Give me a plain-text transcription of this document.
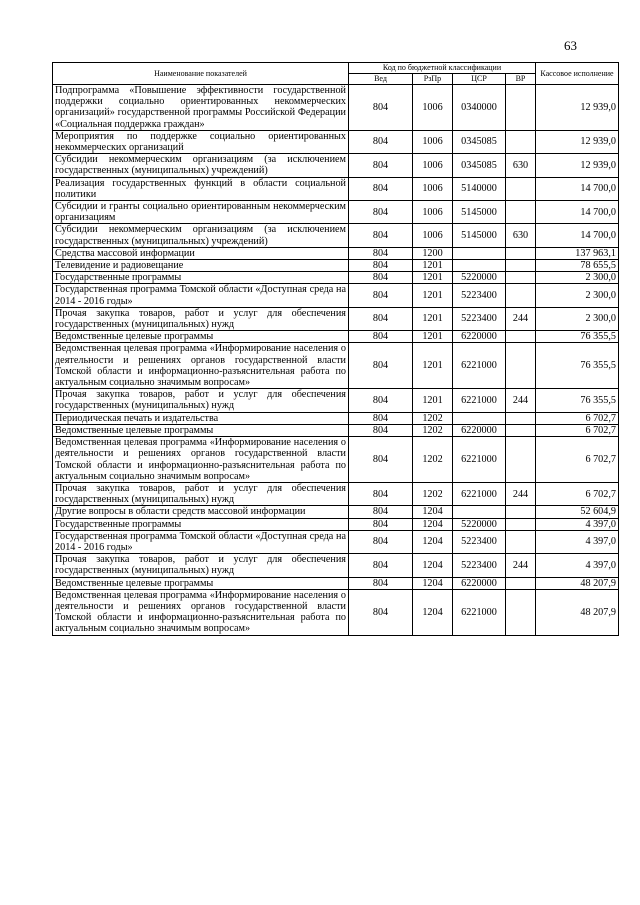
63
Наименование показателей	Код по бюджетной классификации				Кассовое исполнение
	Вед	РзПр	ЦСР	ВР	
Подпрограмма «Повышение эффективности государственной поддержки социально ориентированных некоммерческих организаций» государственной программы Российской Федерации «Социальная поддержка граждан»	804	1006	0340000		12 939,0
Мероприятия по поддержке социально ориентированных некоммерческих организаций	804	1006	0345085		12 939,0
Субсидии некоммерческим организациям (за исключением государственных (муниципальных) учреждений)	804	1006	0345085	630	12 939,0
Реализация государственных функций в области социальной политики	804	1006	5140000		14 700,0
Субсидии и гранты социально ориентированным некоммерческим организациям	804	1006	5145000		14 700,0
Субсидии некоммерческим организациям (за исключением государственных (муниципальных) учреждений)	804	1006	5145000	630	14 700,0
Средства массовой информации	804	1200			137 963,1
Телевидение и радиовещание	804	1201			78 655,5
Государственные программы	804	1201	5220000		2 300,0
Государственная программа Томской области «Доступная среда на 2014 - 2016 годы»	804	1201	5223400		2 300,0
Прочая закупка товаров, работ и услуг для обеспечения государственных (муниципальных) нужд	804	1201	5223400	244	2 300,0
Ведомственные целевые программы	804	1201	6220000		76 355,5
Ведомственная целевая программа «Информирование населения о деятельности и решениях органов государственной власти Томской области и информационно-разъяснительная работа по актуальным социально значимым вопросам»	804	1201	6221000		76 355,5
Прочая закупка товаров, работ и услуг для обеспечения государственных (муниципальных) нужд	804	1201	6221000	244	76 355,5
Периодическая печать и издательства	804	1202			6 702,7
Ведомственные целевые программы	804	1202	6220000		6 702,7
Ведомственная целевая программа «Информирование населения о деятельности и решениях органов государственной власти Томской области и информационно-разъяснительная работа по актуальным социально значимым вопросам»	804	1202	6221000		6 702,7
Прочая закупка товаров, работ и услуг для обеспечения государственных (муниципальных) нужд	804	1202	6221000	244	6 702,7
Другие вопросы в области средств массовой информации	804	1204			52 604,9
Государственные программы	804	1204	5220000		4 397,0
Государственная программа Томской области «Доступная среда на 2014 - 2016 годы»	804	1204	5223400		4 397,0
Прочая закупка товаров, работ и услуг для обеспечения государственных (муниципальных) нужд	804	1204	5223400	244	4 397,0
Ведомственные целевые программы	804	1204	6220000		48 207,9
Ведомственная целевая программа «Информирование населения о деятельности и решениях органов государственной власти Томской области и информационно-разъяснительная работа по актуальным социально значимым вопросам»	804	1204	6221000		48 207,9
